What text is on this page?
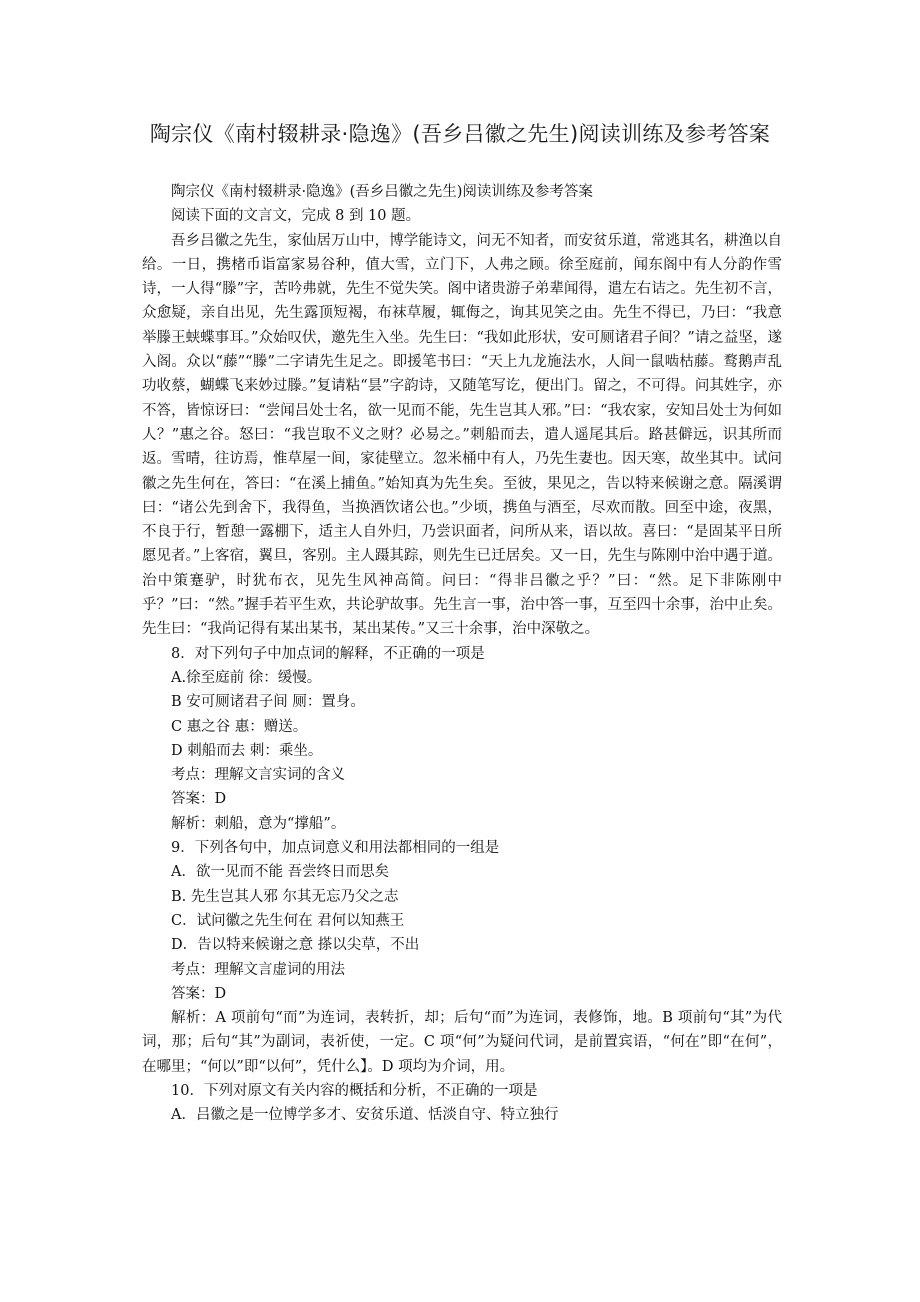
陶宗仪《南村辍耕录·隐逸》(吾乡吕徽之先生)阅读训练及参考答案

陶宗仪《南村辍耕录·隐逸》(吾乡吕徽之先生)阅读训练及参考答案

阅读下面的文言文，完成 8 到 10 题。

吾乡吕徽之先生，家仙居万山中，博学能诗文，问无不知者，而安贫乐道，常逃其名，耕渔以自给。一日，携楮币诣富家易谷种，值大雪，立门下，人弗之顾。徐至庭前，闻东阁中有人分韵作雪诗，一人得“滕”字，苦吟弗就，先生不觉失笑。阁中诸贵游子弟辈闻得，遣左右诘之。先生初不言，众愈疑，亲自出见，先生露顶短褐，布袜草履，辄侮之，询其见笑之由。先生不得已，乃曰：“我意举滕王蛱蝶事耳。”众始叹伏，邀先生入坐。先生曰：“我如此形状，安可厕诸君子间？”请之益坚，遂入阁。众以“藤”“滕”二字请先生足之。即援笔书曰：“天上九龙施法水，人间一鼠啮枯藤。鹜鹅声乱功收蔡，蝴蝶飞来妙过滕。”复请粘“昙”字韵诗，又随笔写讫，便出门。留之，不可得。问其姓字，亦不答，皆惊讶曰：“尝闻吕处士名，欲一见而不能，先生岂其人邪。”曰：“我农家，安知吕处士为何如人？”惠之谷。怒曰：“我岂取不义之财？必易之。”刺船而去，遣人遥尾其后。路甚僻远，识其所而返。雪晴，往访焉，惟草屋一间，家徒壁立。忽米桶中有人，乃先生妻也。因天寒，故坐其中。试问徽之先生何在，答曰：“在溪上捕鱼。”始知真为先生矣。至彼，果见之，告以特来候谢之意。隔溪谓曰：“诸公先到舍下，我得鱼，当换酒饮诸公也。”少顷，携鱼与酒至，尽欢而散。回至中途，夜黑，不良于行，暂憩一露棚下，适主人自外归，乃尝识面者，问所从来，语以故。喜曰：“是固某平日所愿见者。”上客宿，翼旦，客别。主人蹑其踪，则先生已迁居矣。又一日，先生与陈刚中治中遇于道。治中策蹇驴，时犹布衣，见先生风神高简。问曰：“得非吕徽之乎？”曰：“然。足下非陈刚中乎？”曰：“然。”握手若平生欢，共论驴故事。先生言一事，治中答一事，互至四十余事，治中止矣。先生曰：“我尚记得有某出某书，某出某传。”又三十余事，治中深敬之。

8．对下列句子中加点词的解释，不正确的一项是

A.徐至庭前 徐：缓慢。

B 安可厕诸君子间 厕：置身。

C 惠之谷 惠：赠送。

D 刺船而去 刺：乘坐。

考点：理解文言实词的含义

答案：D

解析：刺船，意为“撑船”。

9．下列各句中，加点词意义和用法都相同的一组是

A．欲一见而不能 吾尝终日而思矣

B. 先生岂其人邪 尔其无忘乃父之志

C．试问徽之先生何在 君何以知燕王

D．告以特来候谢之意 搽以尖草，不出

考点：理解文言虚词的用法

答案：D

解析：A 项前句“而”为连词，表转折，却；后句“而”为连词，表修饰，地。B 项前句“其”为代词，那；后句“其”为副词，表祈使，一定。C 项“何”为疑问代词，是前置宾语，“何在”即“在何”，在哪里；“何以”即“以何”，凭什么】。D 项均为介词，用。

10．下列对原文有关内容的概括和分析，不正确的一项是

A．吕徽之是一位博学多才、安贫乐道、恬淡自守、特立独行
